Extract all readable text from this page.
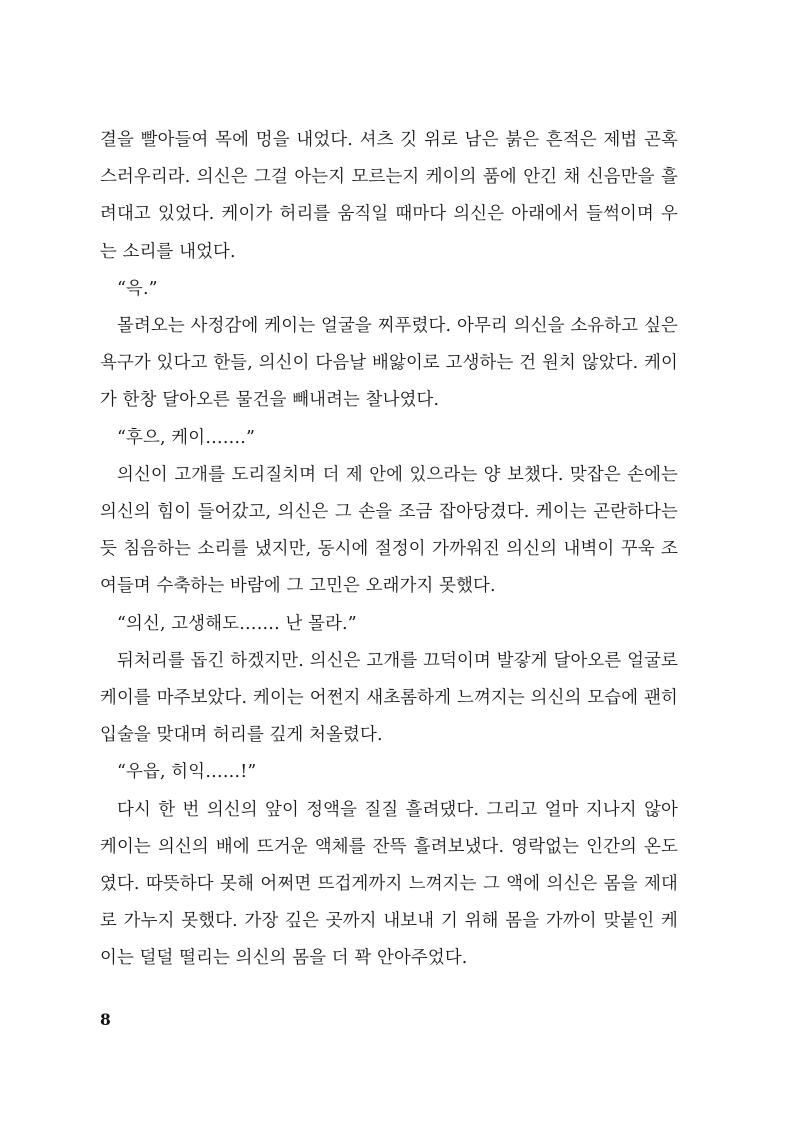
결을 빨아들여 목에 멍을 내었다. 셔츠 깃 위로 남은 붉은 흔적은 제법 곤혹스러우리라. 의신은 그걸 아는지 모르는지 케이의 품에 안긴 채 신음만을 흘려대고 있었다. 케이가 허리를 움직일 때마다 의신은 아래에서 들썩이며 우는 소리를 내었다.

“윽.”

몰려오는 사정감에 케이는 얼굴을 찌푸렸다. 아무리 의신을 소유하고 싶은 욕구가 있다고 한들, 의신이 다음날 배앓이로 고생하는 건 원치 않았다. 케이가 한창 달아오른 물건을 빼내려는 찰나였다.

“후으, 케이…….”

의신이 고개를 도리질치며 더 제 안에 있으라는 양 보챘다. 맞잡은 손에는 의신의 힘이 들어갔고, 의신은 그 손을 조금 잡아당겼다. 케이는 곤란하다는 듯 침음하는 소리를 냈지만, 동시에 절정이 가까워진 의신의 내벽이 꾸욱 조여들며 수축하는 바람에 그 고민은 오래가지 못했다.

“의신, 고생해도……. 난 몰라.”

뒤처리를 돕긴 하겠지만. 의신은 고개를 끄덕이며 발갛게 달아오른 얼굴로 케이를 마주보았다. 케이는 어쩐지 새초롬하게 느껴지는 의신의 모습에 괜히 입술을 맞대며 허리를 깊게 처올렸다.

“우읍, 히익……!”

다시 한 번 의신의 앞이 정액을 질질 흘려댔다. 그리고 얼마 지나지 않아 케이는 의신의 배에 뜨거운 액체를 잔뜩 흘려보냈다. 영락없는 인간의 온도였다. 따뜻하다 못해 어쩌면 뜨겁게까지 느껴지는 그 액에 의신은 몸을 제대로 가누지 못했다. 가장 깊은 곳까지 내보내 기 위해 몸을 가까이 맞붙인 케이는 덜덜 떨리는 의신의 몸을 더 꽉 안아주었다.

8
